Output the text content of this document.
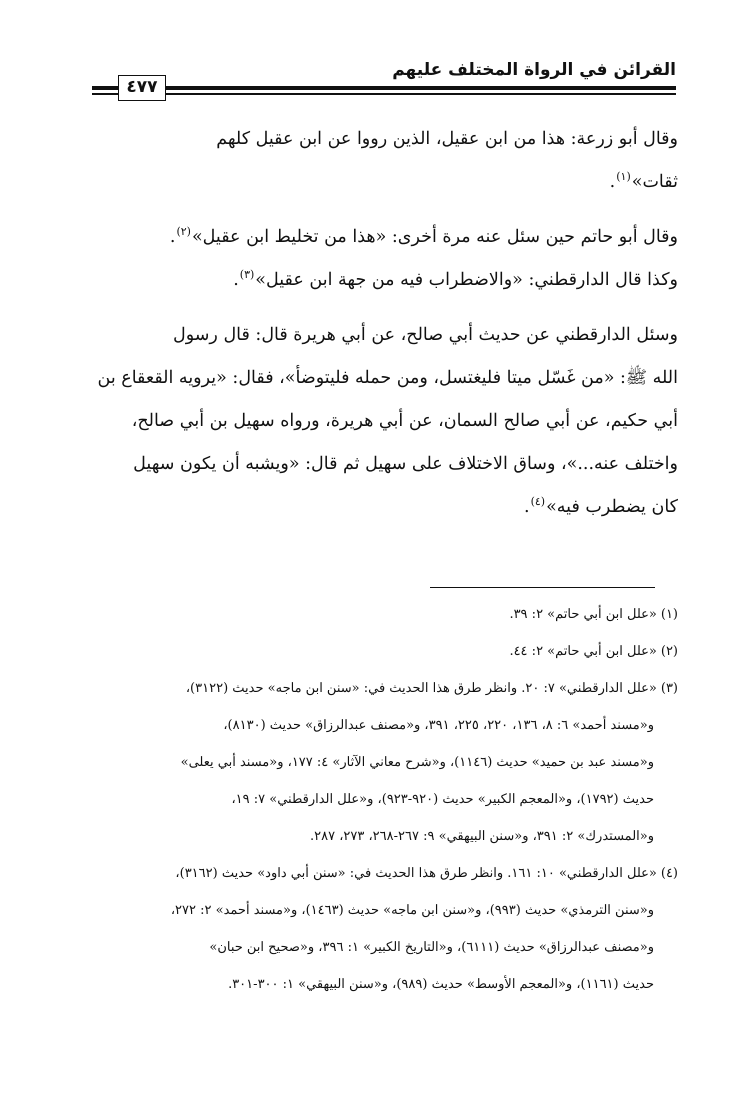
القرائن في الرواة المختلف عليهم
٤٧٧

وقال أبو زرعة: هذا من ابن عقيل، الذين رووا عن ابن عقيل كلهم
ثقات»$^{(١)}$.

وقال أبو حاتم حين سئل عنه مرة أخرى: «هذا من تخليط ابن عقيل»$^{(٢)}$.

وكذا قال الدارقطني: «والاضطراب فيه من جهة ابن عقيل»$^{(٣)}$.

وسئل الدارقطني عن حديث أبي صالح، عن أبي هريرة قال: قال رسول
الله ﷺ: «من غَسّل ميتا فليغتسل، ومن حمله فليتوضأ»، فقال: «يرويه القعقاع بن
أبي حكيم، عن أبي صالح السمان، عن أبي هريرة، ورواه سهيل بن أبي صالح،
واختلف عنه...»، وساق الاختلاف على سهيل ثم قال: «ويشبه أن يكون سهيل
كان يضطرب فيه»$^{(٤)}$.

(١)«علل ابن أبي حاتم» ٢: ٣٩.

(٢)«علل ابن أبي حاتم» ٢: ٤٤.

(٣)«علل الدارقطني» ٧: ٢٠. وانظر طرق هذا الحديث في: «سنن ابن ماجه» حديث (٣١٢٢)،

و«مسند أحمد» ٦: ٨، ١٣٦، ٢٢٠، ٢٢٥، ٣٩١، و«مصنف عبدالرزاق» حديث (٨١٣٠)،

و«مسند عبد بن حميد» حديث (١١٤٦)، و«شرح معاني الآثار» ٤: ١٧٧، و«مسند أبي يعلى»

حديث (١٧٩٢)، و«المعجم الكبير» حديث (٩٢٠-٩٢٣)، و«علل الدارقطني» ٧: ١٩،

و«المستدرك» ٢: ٣٩١، و«سنن البيهقي» ٩: ٢٦٧-٢٦٨، ٢٧٣، ٢٨٧.

(٤)«علل الدارقطني» ١٠: ١٦١. وانظر طرق هذا الحديث في: «سنن أبي داود» حديث (٣١٦٢)،

و«سنن الترمذي» حديث (٩٩٣)، و«سنن ابن ماجه» حديث (١٤٦٣)، و«مسند أحمد» ٢: ٢٧٢،

و«مصنف عبدالرزاق» حديث (٦١١١)، و«التاريخ الكبير» ١: ٣٩٦، و«صحيح ابن حبان»

حديث (١١٦١)، و«المعجم الأوسط» حديث (٩٨٩)، و«سنن البيهقي» ١: ٣٠٠-٣٠١.
